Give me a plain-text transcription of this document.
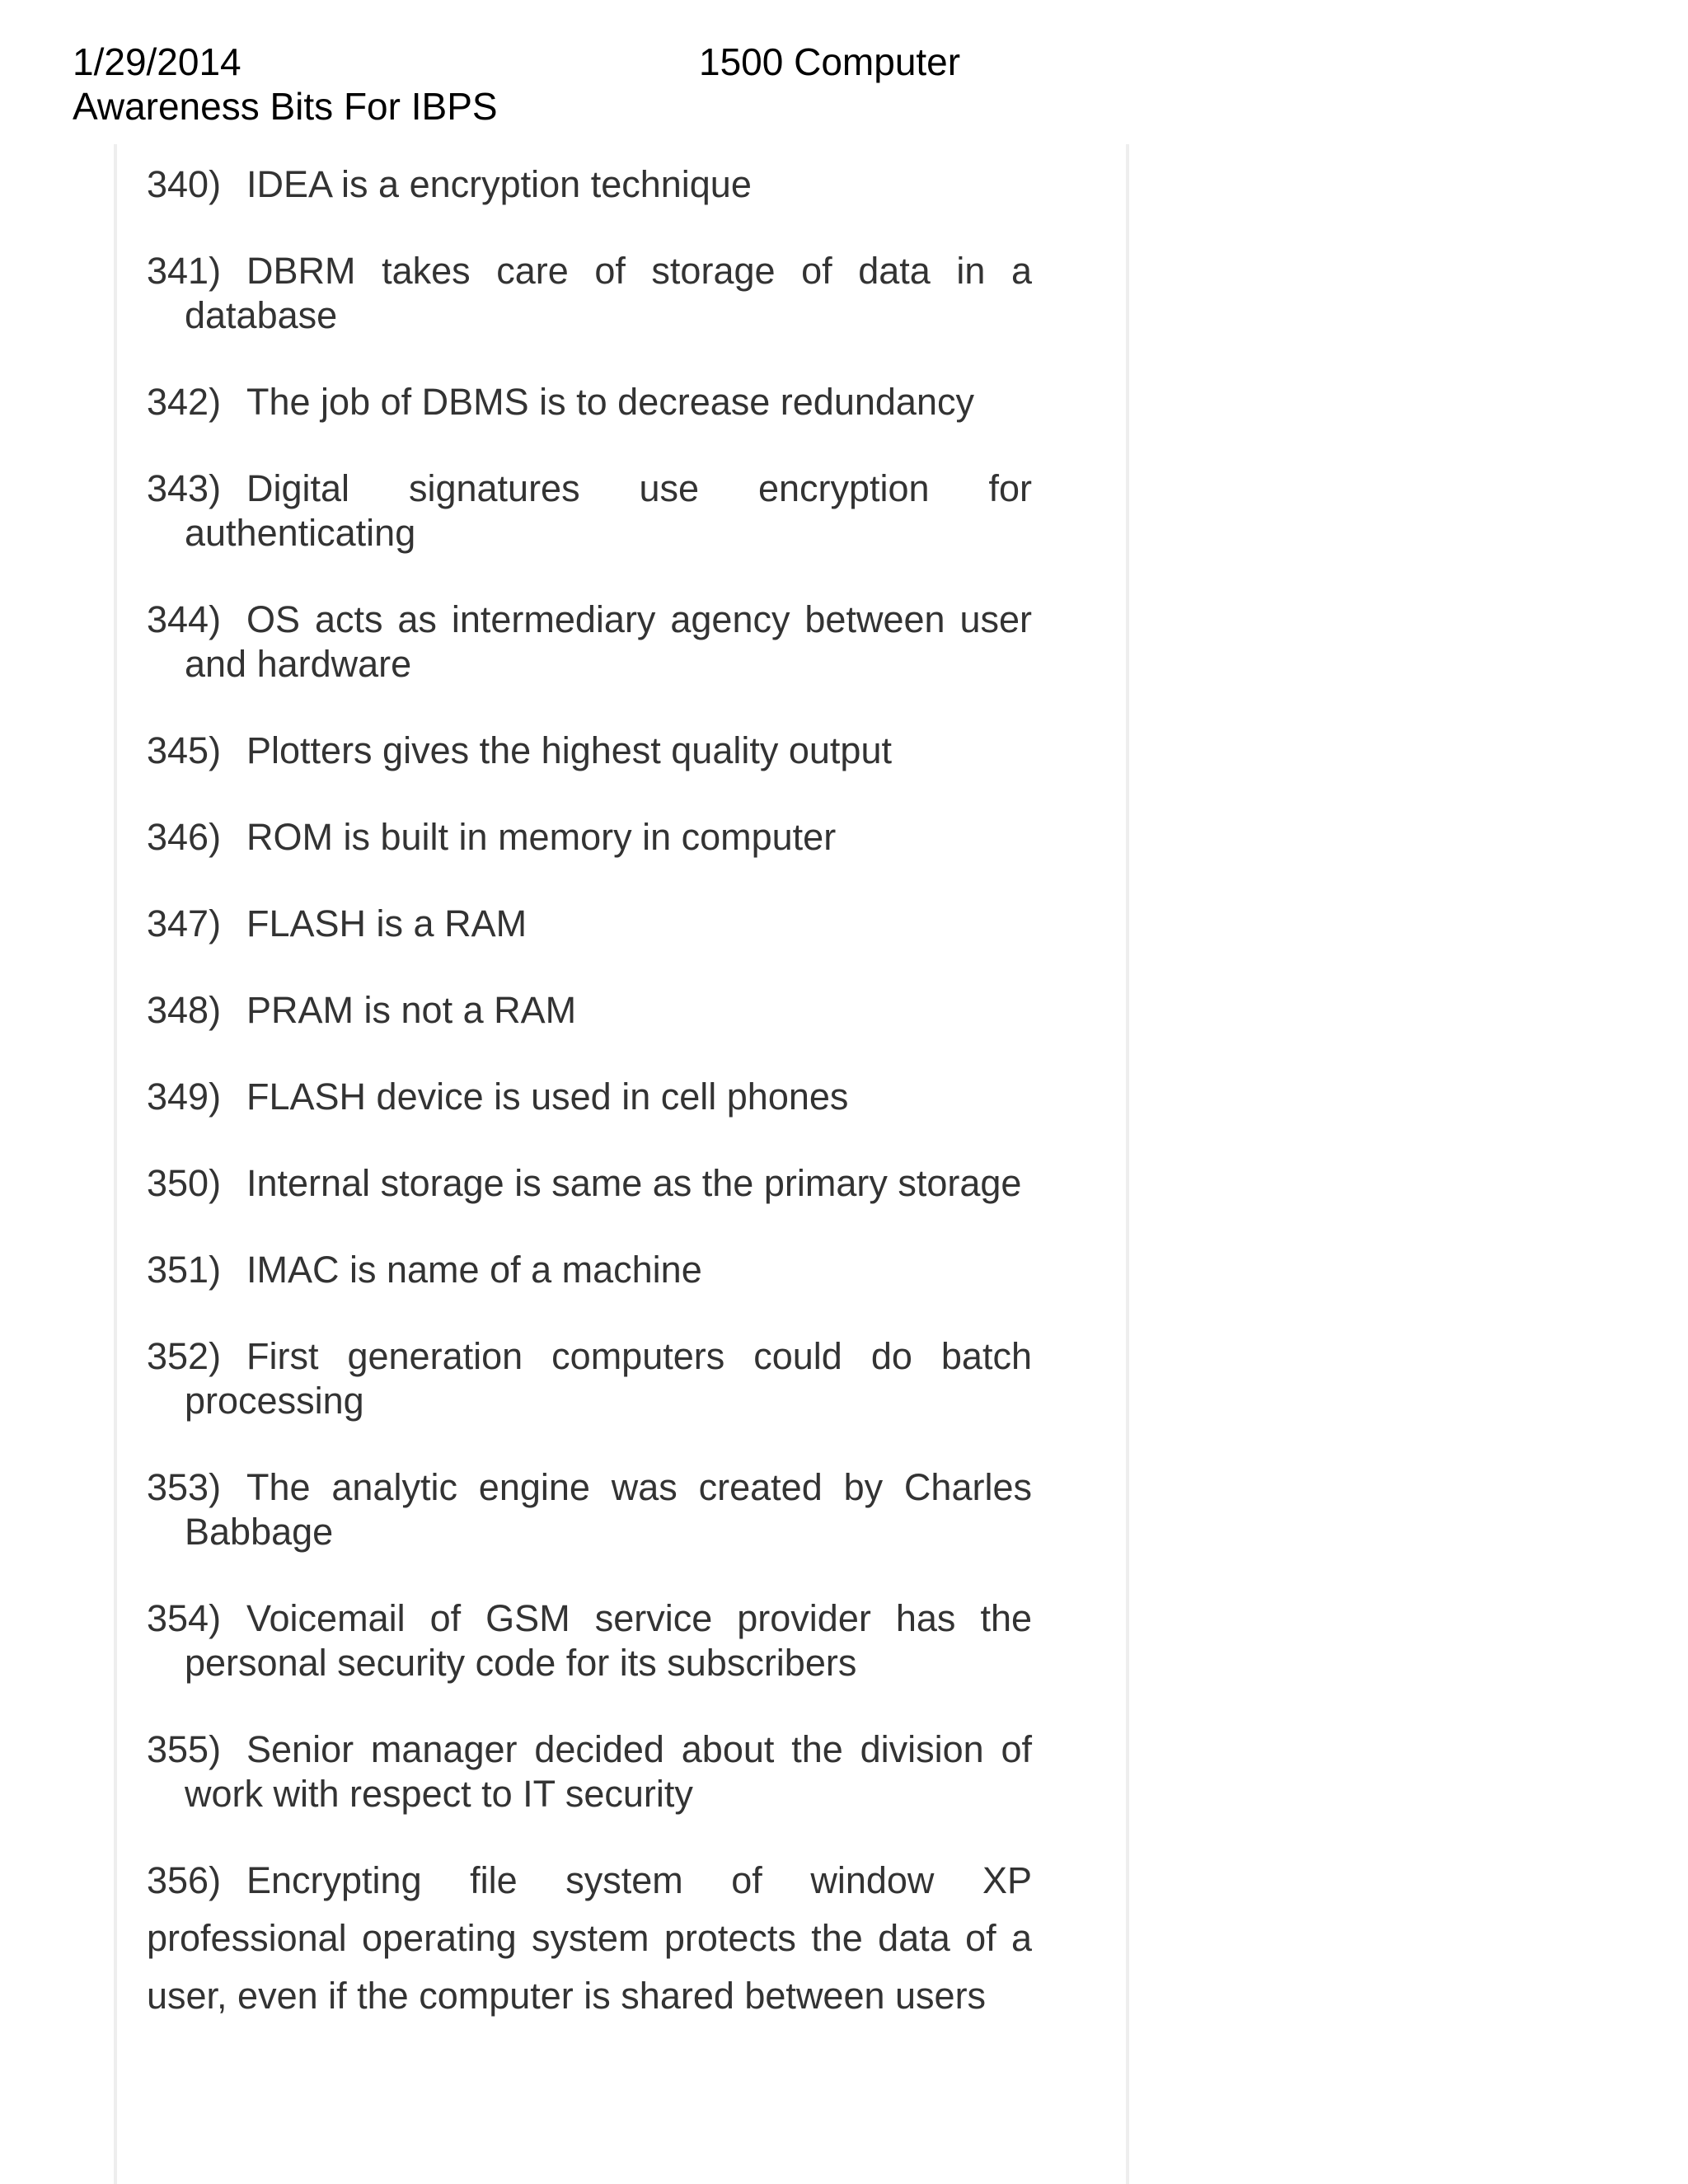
1/29/2014	1500 Computer
Awareness Bits For IBPS
340) IDEA is a encryption technique
341) DBRM takes care of storage of data in a database
342) The job of DBMS is to decrease redundancy
343) Digital signatures use encryption for authenticating
344) OS acts as intermediary agency between user and hardware
345) Plotters gives the highest quality output
346) ROM is built in memory in computer
347) FLASH is a RAM
348) PRAM is not a RAM
349) FLASH device is used in cell phones
350) Internal storage is same as the primary storage
351) IMAC is name of a machine
352) First generation computers could do batch processing
353) The analytic engine was created by Charles Babbage
354) Voicemail of GSM service provider has the personal security code for its subscribers
355) Senior manager decided about the division of work with respect to IT security
356) Encrypting file system of window XP professional operating system protects the data of a user, even if the computer is shared between users
